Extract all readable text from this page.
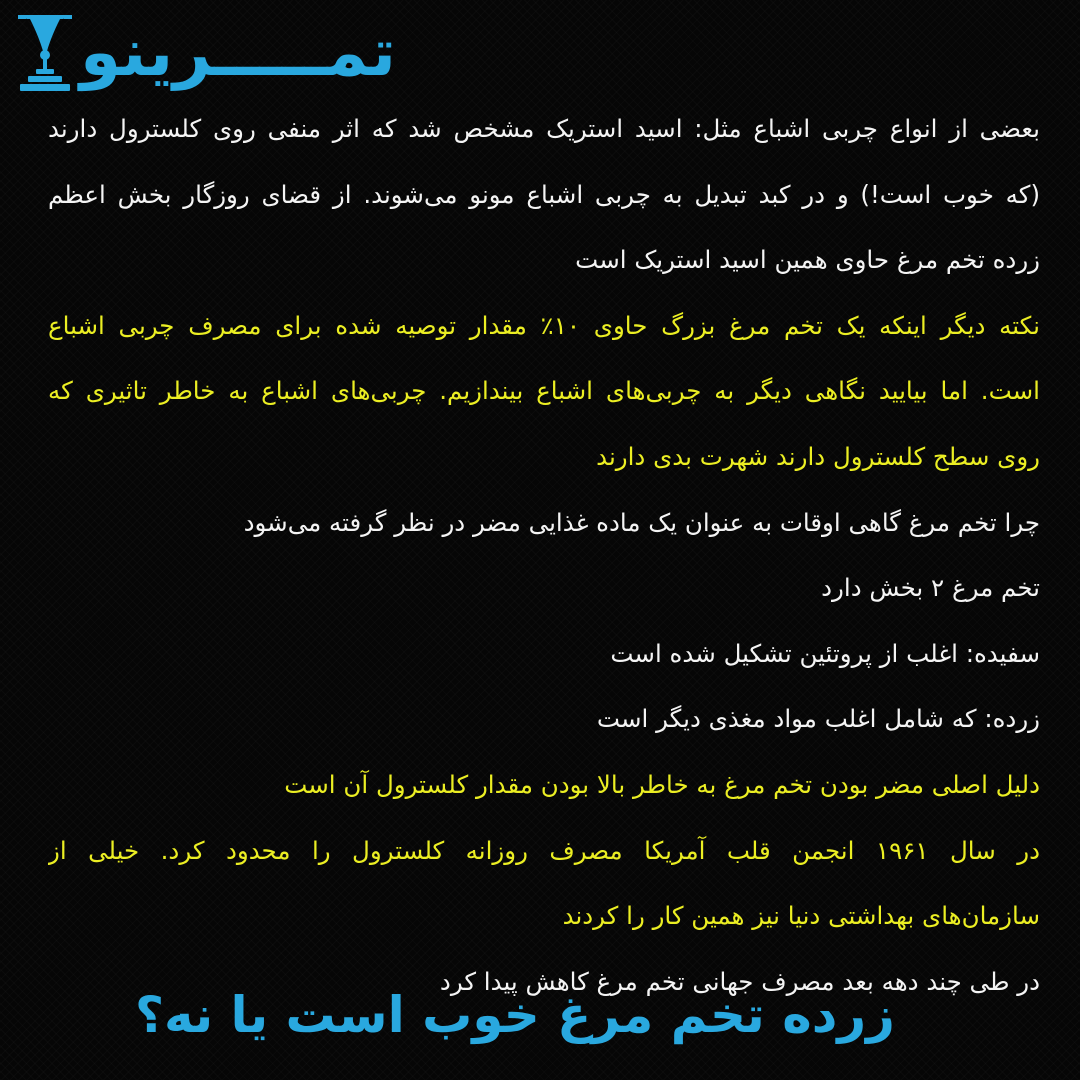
تمـــــرینو
بعضی از انواع چربی اشباع مثل: اسید استریک مشخص شد که اثر منفی روی کلسترول دارند
(که خوب است!) و در کبد تبدیل به چربی اشباع مونو می‌شوند. از قضای روزگار بخش اعظم
زرده تخم مرغ حاوی همین اسید استریک است
نکته دیگر اینکه یک تخم مرغ بزرگ حاوی ۱۰٪ مقدار توصیه شده برای مصرف چربی اشباع
است. اما بیایید نگاهی دیگر به چربی‌های اشباع بیندازیم. چربی‌های اشباع به خاطر تاثیری که
روی سطح کلسترول دارند شهرت بدی دارند
چرا تخم مرغ گاهی اوقات به عنوان یک ماده غذایی مضر در نظر گرفته می‌شود
تخم مرغ ۲ بخش دارد
سفیده: اغلب از پروتئین تشکیل شده است
زرده: که شامل اغلب مواد مغذی دیگر است
دلیل اصلی مضر بودن تخم مرغ به خاطر بالا بودن مقدار کلسترول آن است
در سال ۱۹۶۱ انجمن قلب آمریکا مصرف روزانه کلسترول را محدود کرد. خیلی از
سازمان‌های بهداشتی دنیا نیز همین کار را کردند
در طی چند دهه بعد مصرف جهانی تخم مرغ کاهش پیدا کرد
زرده تخم مرغ خوب است یا نه؟
